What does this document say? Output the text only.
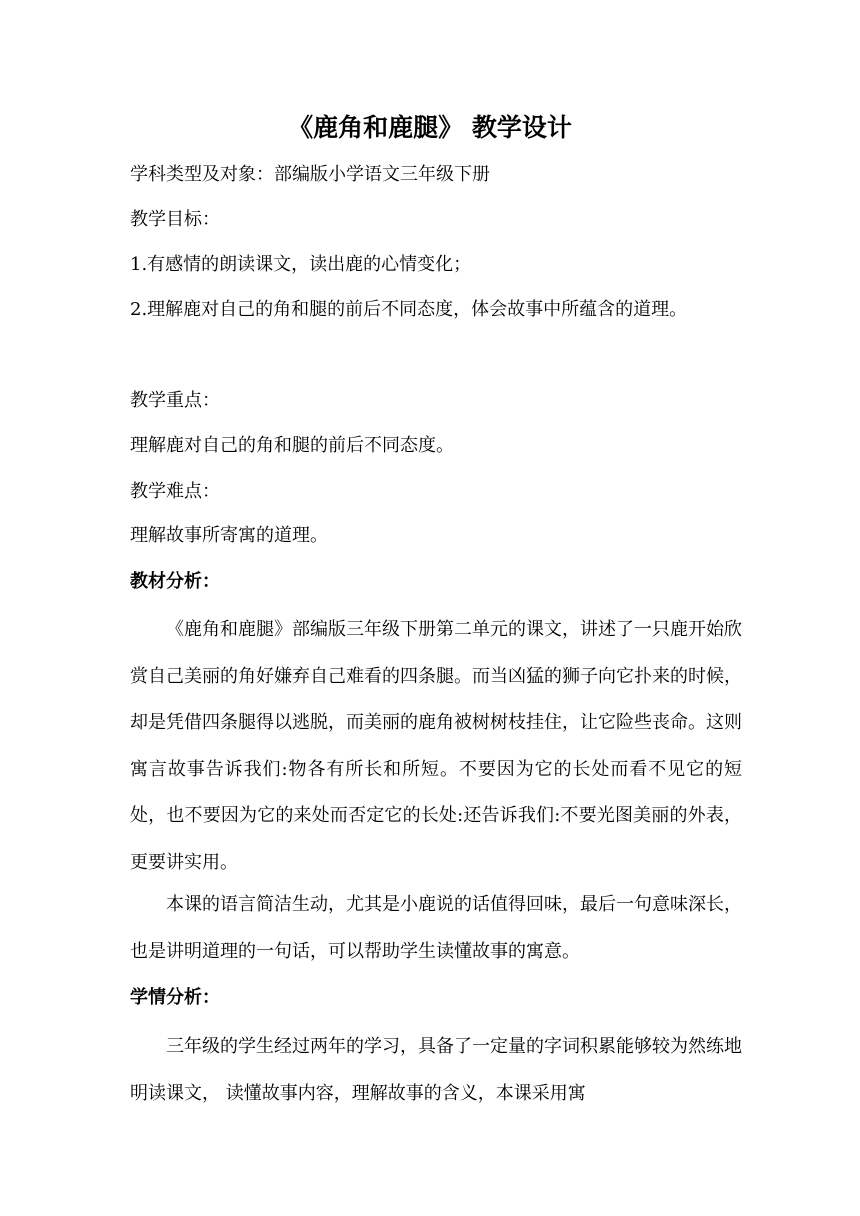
《鹿角和鹿腿》 教学设计
学科类型及对象：部编版小学语文三年级下册
教学目标：
1.有感情的朗读课文，读出鹿的心情变化；
2.理解鹿对自己的角和腿的前后不同态度，体会故事中所蕴含的道理。
教学重点：
理解鹿对自己的角和腿的前后不同态度。
教学难点：
理解故事所寄寓的道理。
教材分析：
《鹿角和鹿腿》部编版三年级下册第二单元的课文，讲述了一只鹿开始欣赏自己美丽的角好嫌弃自己难看的四条腿。而当凶猛的狮子向它扑来的时候，却是凭借四条腿得以逃脱，而美丽的鹿角被树树枝挂住，让它险些丧命。这则寓言故事告诉我们:物各有所长和所短。不要因为它的长处而看不见它的短处，也不要因为它的来处而否定它的长处:还告诉我们:不要光图美丽的外表，更要讲实用。
本课的语言简洁生动，尤其是小鹿说的话值得回味，最后一句意味深长，也是讲明道理的一句话，可以帮助学生读懂故事的寓意。
学情分析：
三年级的学生经过两年的学习，具备了一定量的字词积累能够较为然练地明读课文， 读懂故事内容，理解故事的含义，本课采用寓
